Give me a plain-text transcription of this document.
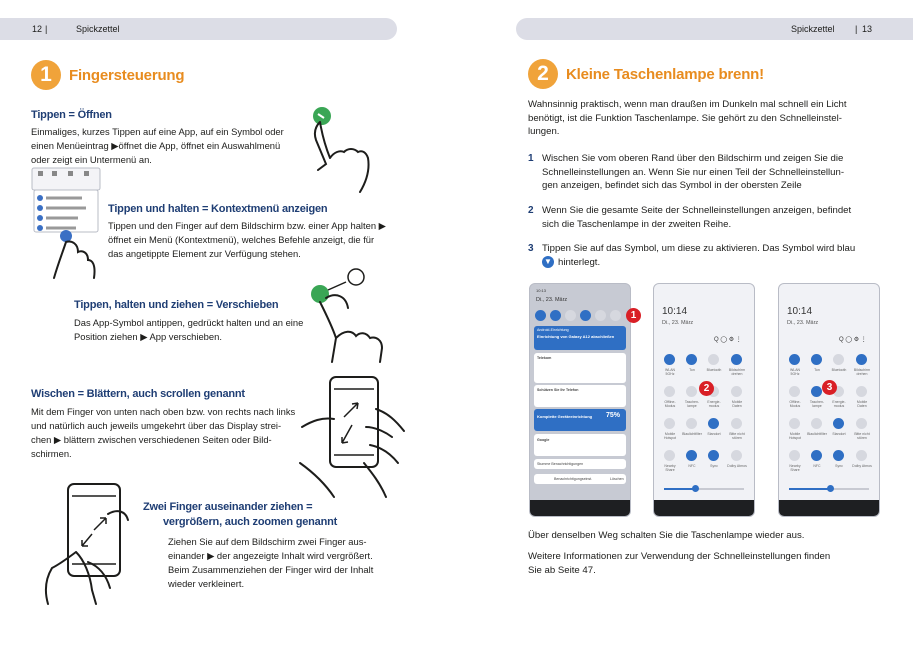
12 |	Spickzettel
1	Fingersteuerung
Tippen = Öffnen
Einmaliges, kurzes Tippen auf eine App, auf ein Symbol oder
einen Menüeintrag ▶öffnet die App, öffnet ein Auswahlmenü
oder zeigt ein Untermenü an.
Tippen und halten = Kontextmenü anzeigen
Tippen und den Finger auf dem Bildschirm bzw. einer App halten ▶
öffnet ein Menü (Kontextmenü), welches Befehle anzeigt, die für
das angetippte Element zur Verfügung stehen.
Tippen, halten und ziehen = Verschieben
Das App-Symbol antippen, gedrückt halten und an eine
Position ziehen ▶ App verschieben.
Wischen = Blättern, auch scrollen genannt
Mit dem Finger von unten nach oben bzw. von rechts nach links
und natürlich auch jeweils umgekehrt über das Display strei-
chen ▶ blättern zwischen verschiedenen Seiten oder Bild-
schirmen.
Zwei Finger auseinander ziehen =
vergrößern, auch zoomen genannt
Ziehen Sie auf dem Bildschirm zwei Finger aus-
einander ▶ der angezeigte Inhalt wird vergrößert.
Beim Zusammenziehen der Finger wird der Inhalt
wieder verkleinert.
Spickzettel | 13
2	Kleine Taschenlampe brenn!
Wahnsinnig praktisch, wenn man draußen im Dunkeln mal schnell ein Licht
benötigt, ist die Funktion Taschenlampe. Sie gehört zu den Schnelleinstel-
lungen.
1 Wischen Sie vom oberen Rand über den Bildschirm und zeigen Sie die
Schnelleinstellungen an. Wenn Sie nur einen Teil der Schnelleinstellun-
gen anzeigen, befindet sich das Symbol in der obersten Zeile
2 Wenn Sie die gesamte Seite der Schnelleinstellungen anzeigen, befindet
sich die Taschenlampe in der zweiten Reihe.
3 Tippen Sie auf das Symbol, um diese zu aktivieren. Das Symbol wird blau
hinterlegt.
▼
10:13
Di., 23. März
Android-Einrichtung
Einrichtung von Galaxy A12 abschließen
Telekom
Schützen Sie Ihr Telefon
Komplette Geräteeinrichtung	75%
Google
Stumme Benachrichtigungen
Benachrichtigungseinst.	Löschen
1	10:14
Di., 23. März
Q ◯ ⚙ ⋮
WLAN 5GHz
Ton	Bluetooth	Bildschirm drehen
Offline-Modus
Taschen-lampe
Energie-modus
Mobile Daten
Mobile Hotspot
Blaulichtfilter	Standort	Bitte nicht stören
Nearby Share
NFC	Sync	Dolby Atmos
2
10:14
Di., 23. März
Q ◯ ⚙ ⋮
WLAN 5GHz
Ton	Bluetooth	Bildschirm drehen
Offline-Modus
Taschen-lampe
Energie-modus
Mobile Daten
Mobile Hotspot
Blaulichtfilter	Standort	Bitte nicht stören
Nearby Share
NFC	Sync	Dolby Atmos
3
Über denselben Weg schalten Sie die Taschenlampe wieder aus.
Weitere Informationen zur Verwendung der Schnelleinstellungen finden
Sie ab Seite 47.
